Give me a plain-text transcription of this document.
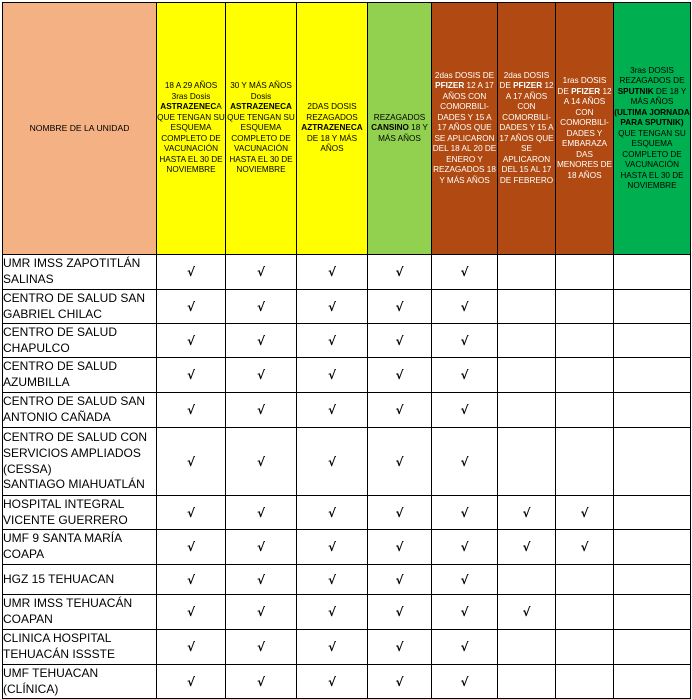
NOMBRE DE LA UNIDAD	18 A 29 AÑOS 3ras Dosis ASTRAZENECA QUE TENGAN SU ESQUEMA COMPLETO DE VACUNACIÓN HASTA EL 30 DE NOVIEMBRE	30 Y MÁS AÑOS Dosis ASTRAZENECA QUE TENGAN SU ESQUEMA COMPLETO DE VACUNACIÓN HASTA EL 30 DE NOVIEMBRE	2DAS DOSIS REZAGADOS AZTRAZENECA DE 18 Y MÁS AÑOS	REZAGADOS CANSINO 18 Y MÁS AÑOS	2das DOSIS DE PFIZER 12 A 17 AÑOS CON COMORBILI-DADES Y 15 A 17 AÑOS QUE SE APLICARON DEL 18 AL 20 DE ENERO Y REZAGADOS 18 Y MÁS AÑOS	2das DOSIS DE PFIZER 12 A 17 AÑOS CON COMORBILI-DADES Y 15 A 17 AÑOS QUE SE APLICARON DEL 15 AL 17 DE FEBRERO	1ras DOSIS DE PFIZER 12 A 14 AÑOS CON COMORBILI-DADES Y EMBARAZA DAS MENORES DE 18 AÑOS	3ras DOSIS REZAGADOS DE SPUTNIK DE 18 Y MÁS AÑOS (ULTIMA JORNADA PARA SPUTNIK) QUE TENGAN SU ESQUEMA COMPLETO DE VACUNACIÓN HASTA EL 30 DE NOVIEMBRE

UMR IMSS ZAPOTITLÁN
SALINAS	√	√	√	√	√			

CENTRO DE SALUD SAN
GABRIEL CHILAC	√	√	√	√	√			

CENTRO DE SALUD
CHAPULCO	√	√	√	√	√			

CENTRO DE SALUD
AZUMBILLA	√	√	√	√	√			

CENTRO DE SALUD SAN
ANTONIO CAÑADA	√	√	√	√	√			

CENTRO DE SALUD CON
SERVICIOS AMPLIADOS
(CESSA)
SANTIAGO MIAHUATLÁN	√	√	√	√	√			

HOSPITAL INTEGRAL
VICENTE GUERRERO	√	√	√	√	√	√	√	

UMF 9 SANTA MARÍA
COAPA	√	√	√	√	√	√	√	

HGZ 15 TEHUACAN	√	√	√	√	√			

UMR IMSS TEHUACÁN
COAPAN	√	√	√	√	√	√		

CLINICA HOSPITAL
TEHUACÁN ISSSTE	√	√	√	√	√			

UMF TEHUACAN
(CLÍNICA)	√	√	√	√	√			
